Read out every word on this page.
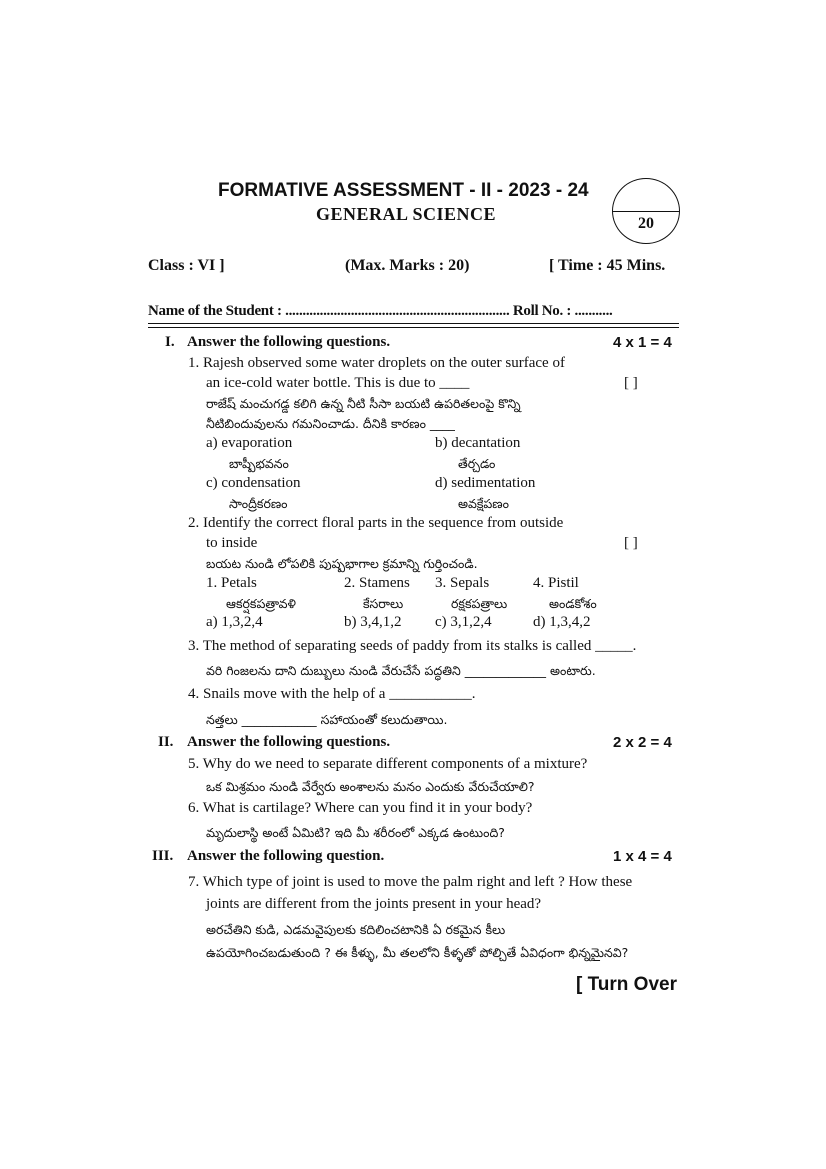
FORMATIVE ASSESSMENT - II - 2023 - 24
GENERAL SCIENCE	20
Class : VI ]	(Max. Marks : 20)	[ Time : 45 Mins.
Name of the Student : ................................................................. Roll No. : ...........
I. Answer the following questions.	4 x 1 = 4
1. Rajesh observed some water droplets on the outer surface of
an ice-cold water bottle. This is due to ____	[ ]
రాజేష్ మంచుగడ్డ కలిగి ఉన్న నీటి సీసా బయటి ఉపరితలంపై కొన్ని
నీటిబిందువులను గమనించాడు. దీనికి కారణం ____
a) evaporation	b) decantation
బాష్పీభవనం	తేర్చడం
c) condensation	d) sedimentation
సాంద్రీకరణం	అవక్షేపణం
2. Identify the correct floral parts in the sequence from outside
to inside	[ ]
బయట నుండి లోపలికి పుష్పభాగాల క్రమాన్ని గుర్తించండి.
1. Petals	2. Stamens 3. Sepals	4. Pistil
ఆకర్షకపత్రావళి	కేసరాలు	రక్షకపత్రాలు	అండకోశం
a) 1,3,2,4	b) 3,4,1,2 c) 3,1,2,4	d) 1,3,4,2
3. The method of separating seeds of paddy from its stalks is called _____.
వరి గింజలను దాని దుబ్బులు నుండి వేరుచేసే పద్ధతిని _____________ అంటారు.
4. Snails move with the help of a ___________.
నత్తలు ____________ సహాయంతో కలుదుతాయి.
II. Answer the following questions.	2 x 2 = 4
5. Why do we need to separate different components of a mixture?
ఒక మిశ్రమం నుండి వేర్వేరు అంశాలను మనం ఎందుకు వేరుచేయాలి?
6. What is cartilage? Where can you find it in your body?
మృదులాస్థి అంటే ఏమిటి? ఇది మీ శరీరంలో ఎక్కడ ఉంటుంది?
III. Answer the following question.	1 x 4 = 4
7. Which type of joint is used to move the palm right and left ? How these
joints are different from the joints present in your head?
అరచేతిని కుడి, ఎడమవైపులకు కదిలించటానికి ఏ రకమైన కీలు
ఉపయోగించబడుతుంది ? ఈ కీళ్ళు, మీ తలలోని కీళ్ళతో పోల్చితే ఏవిధంగా భిన్నమైనవి?
[ Turn Over
